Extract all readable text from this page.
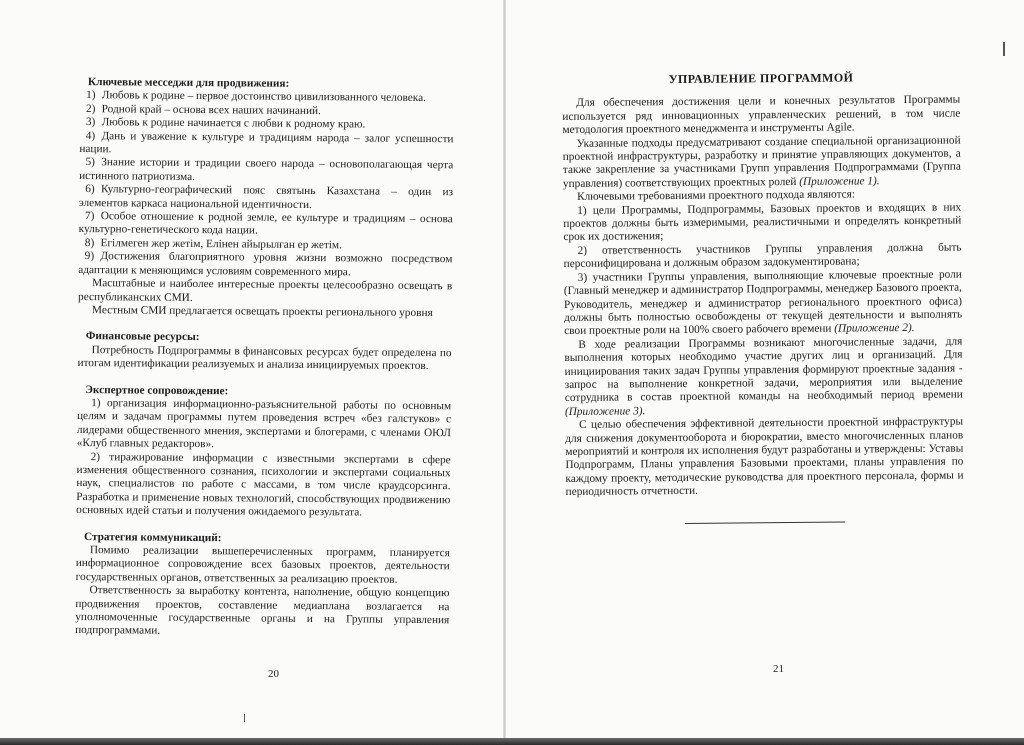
Ключевые месседжи для продвижения:

1) Любовь к родине – первое достоинство цивилизованного человека.

2) Родной край – основа всех наших начинаний.

3) Любовь к родине начинается с любви к родному краю.

4) Дань и уважение к культуре и традициям народа – залог успешности нации.

5) Знание истории и традиции своего народа – основополагающая черта истинного патриотизма.

6) Культурно-географический пояс святынь Казахстана – один из элементов каркаса национальной идентичности.

7) Особое отношение к родной земле, ее культуре и традициям – основа культурно-генетического кода нации.

8) Егілмеген жер жетім, Елінен айырылған ер жетім.

9) Достижения благоприятного уровня жизни возможно посредством адаптации к меняющимся условиям современного мира.

Масштабные и наиболее интересные проекты целесообразно освещать в республиканских СМИ.

Местным СМИ предлагается освещать проекты регионального уровня

Финансовые ресурсы:

Потребность Подпрограммы в финансовых ресурсах будет определена по итогам идентификации реализуемых и анализа инициируемых проектов.

Экспертное сопровождение:

1) организация информационно-разъяснительной работы по основным целям и задачам программы путем проведения встреч «без галстуков» с лидерами общественного мнения, экспертами и блогерами, с членами ОЮЛ «Клуб главных редакторов».

2) тиражирование информации с известными экспертами в сфере изменения общественного сознания, психологии и экспертами социальных наук, специалистов по работе с массами, в том числе краудсорсинга. Разработка и применение новых технологий, способствующих продвижению основных идей статьи и получения ожидаемого результата.

Стратегия коммуникаций:

Помимо реализации вышеперечисленных программ, планируется информационное сопровождение всех базовых проектов, деятельности государственных органов, ответственных за реализацию проектов.

Ответственность за выработку контента, наполнение, общую концепцию продвижения проектов, составление медиаплана возлагается на уполномоченные государственные органы и на Группы управления подпрограммами.

20

УПРАВЛЕНИЕ ПРОГРАММОЙ

Для обеспечения достижения цели и конечных результатов Программы используется ряд инновационных управленческих решений, в том числе методология проектного менеджмента и инструменты Agile.

Указанные подходы предусматривают создание специальной организационной проектной инфраструктуры, разработку и принятие управляющих документов, а также закрепление за участниками Групп управления Подпрограммами (Группа управления) соответствующих проектных ролей (Приложение 1).

Ключевыми требованиями проектного подхода являются:

1) цели Программы, Подпрограммы, Базовых проектов и входящих в них проектов должны быть измеримыми, реалистичными и определять конкретный срок их достижения;

2) ответственность участников Группы управления должна быть персонифицирована и должным образом задокументирована;

3) участники Группы управления, выполняющие ключевые проектные роли (Главный менеджер и администратор Подпрограммы, менеджер Базового проекта, Руководитель, менеджер и администратор регионального проектного офиса) должны быть полностью освобождены от текущей деятельности и выполнять свои проектные роли на 100% своего рабочего времени (Приложение 2).

В ходе реализации Программы возникают многочисленные задачи, для выполнения которых необходимо участие других лиц и организаций. Для инициирования таких задач Группы управления формируют проектные задания - запрос на выполнение конкретной задачи, мероприятия или выделение сотрудника в состав проектной команды на необходимый период времени (Приложение 3).

С целью обеспечения эффективной деятельности проектной инфраструктуры для снижения документооборота и бюрократии, вместо многочисленных планов мероприятий и контроля их исполнения будут разработаны и утверждены: Уставы Подпрограмм, Планы управления Базовыми проектами, планы управления по каждому проекту, методические руководства для проектного персонала, формы и периодичность отчетности.

21
